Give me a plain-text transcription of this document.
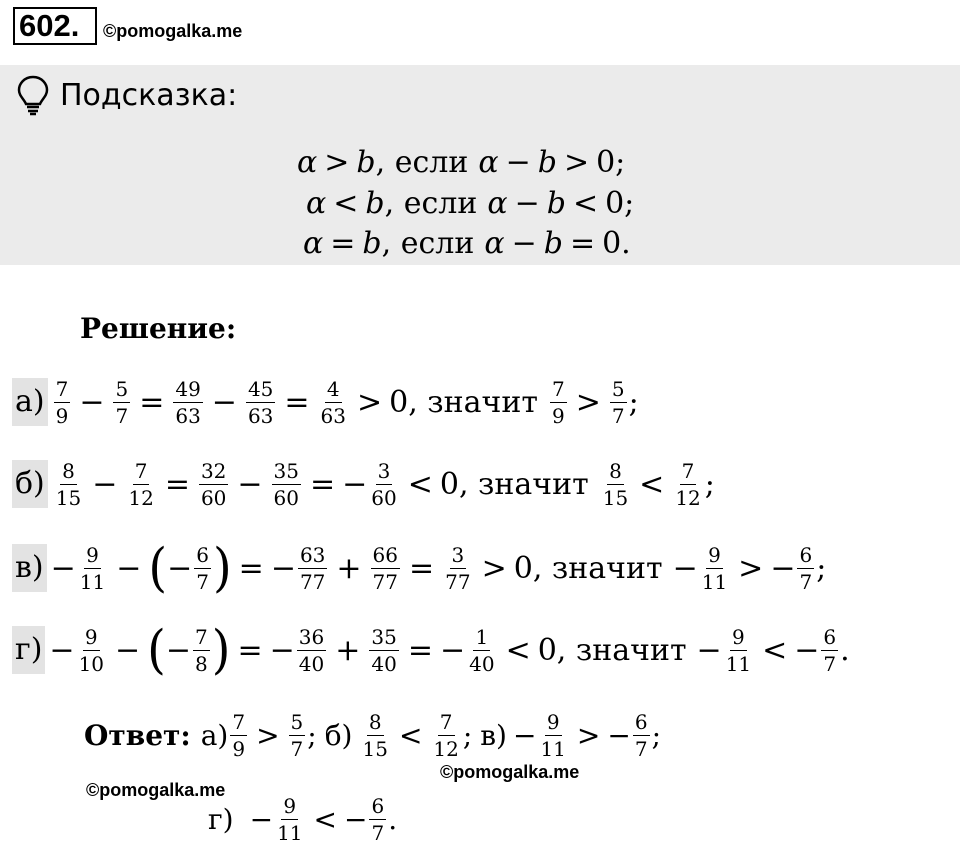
602.	©pomogalka.me
Подсказка:
α > b , если α − b > 0 ;
α < b , если α − b < 0 ;
α = b , если α − b = 0 .
Решение:
$а) \frac{7}{9} - \frac{5}{7} = \frac{49}{63} - \frac{45}{63} = \frac{4}{63} > 0$, значит $\frac{7}{9} > \frac{5}{7}$ ;
$б) \frac{8}{15} - \frac{7}{12} = \frac{32}{60} - \frac{35}{60}$ = − $\frac{3}{60} < 0$, значит $\frac{8}{15} < \frac{7}{12}$ ;
$в) - \frac{9}{11}$ − ( − $\frac{6}{7}$ ) = − $\frac{63}{77} + \frac{66}{77} = \frac{3}{77} > 0$, значит − $\frac{9}{11}$ > − $\frac{6}{7}$ ;
$г) - \frac{9}{10}$ − ( − $\frac{7}{8}$ ) = − $\frac{36}{40} + \frac{35}{40}$ = − $\frac{1}{40} < 0$, значит − $\frac{9}{11}$ < − $\frac{6}{7}$ .
Ответ: $а) \frac{7}{9} > \frac{5}{7}$ ; $б) \frac{8}{15} < \frac{7}{12}$ ; $в) - \frac{9}{11}$ > − $\frac{6}{7}$ ;
©pomogalka.me
©pomogalka.me
$г) - \frac{9}{11}$ < − $\frac{6}{7}$ .
